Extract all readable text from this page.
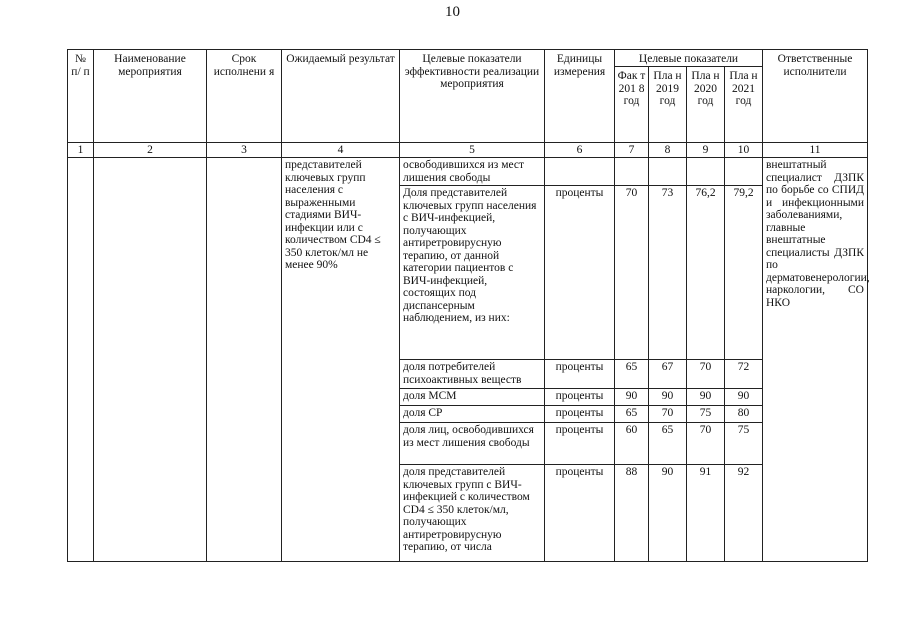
10
№ п/ п	Наименование мероприятия	Срок исполнени я	Ожидаемый результат	Целевые показатели эффективности реализации мероприятия	Единицы измерения	Целевые показатели				Ответственные исполнители
						Фак т 201 8 год	Пла н 2019 год	Пла н 2020 год	Пла н 2021 год	
1	2	3	4	5	6	7	8	9	10	11
			представителей ключевых групп населения с выраженными стадиями ВИЧ-инфекции или с количеством CD4 ≤ 350 клеток/мл не менее 90%	освободившихся из мест лишения свободы						внештатный специалист ДЗПК по борьбе со СПИД и инфекционными заболеваниями, главные внештатные специалисты ДЗПК по дерматовенерологии, наркологии, СО НКО
				Доля представителей ключевых групп населения с ВИЧ-инфекцией, получающих антиретровирусную терапию, от данной категории пациентов с ВИЧ-инфекцией, состоящих под диспансерным наблюдением, из них:	проценты	70	73	76,2	79,2	
				доля потребителей психоактивных веществ	проценты	65	67	70	72	
				доля МСМ	проценты	90	90	90	90	
				доля СР	проценты	65	70	75	80	
				доля лиц, освободившихся из мест лишения свободы	проценты	60	65	70	75	
				доля представителей ключевых групп с ВИЧ-инфекцией с количеством CD4 ≤ 350 клеток/мл, получающих антиретровирусную терапию, от числа	проценты	88	90	91	92	
